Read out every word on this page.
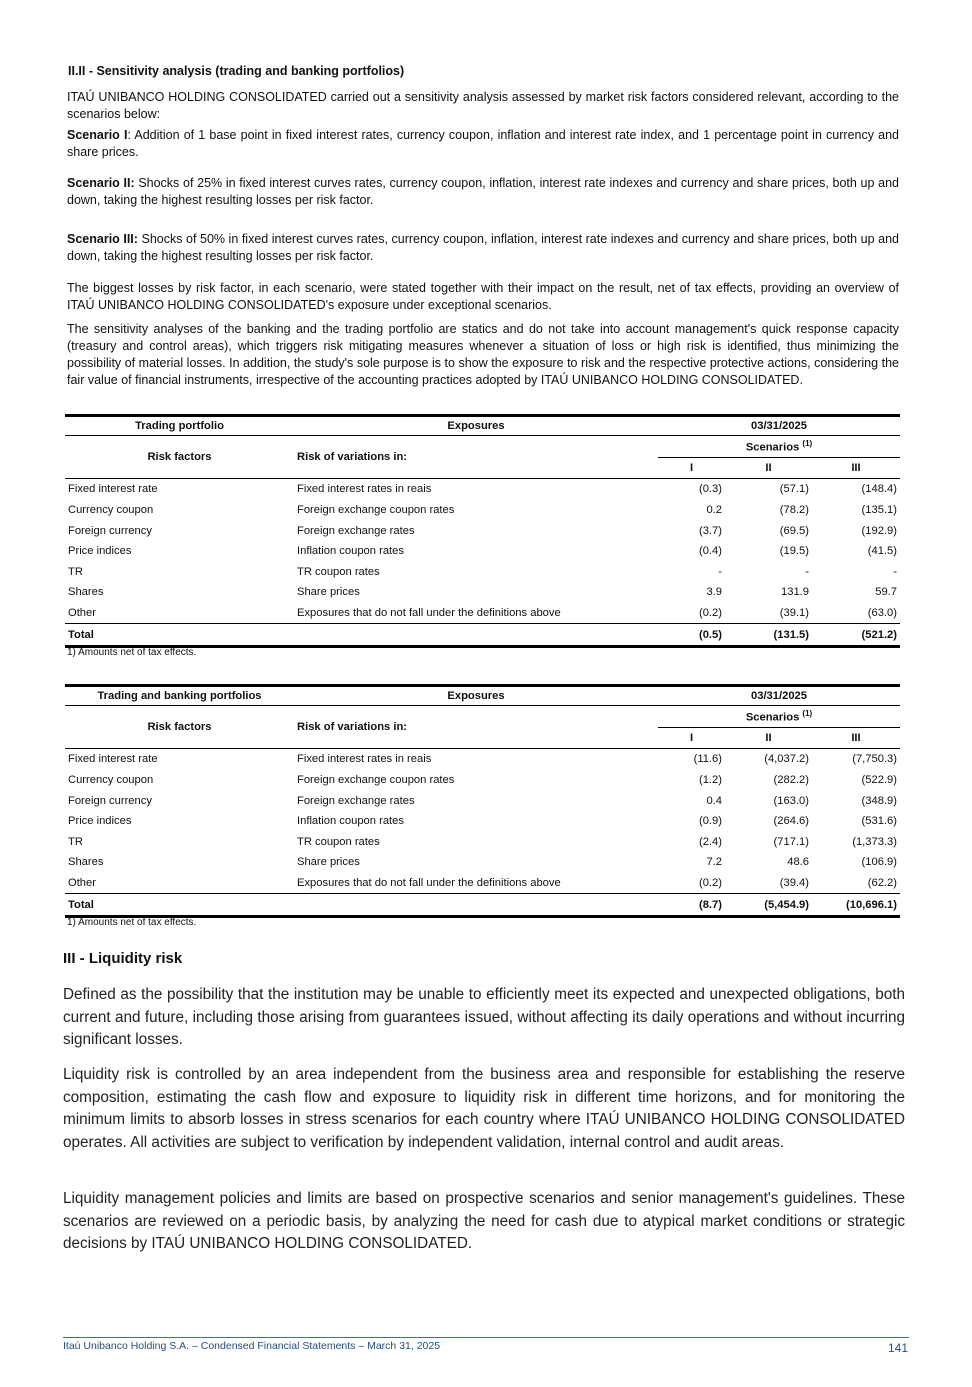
II.II - Sensitivity analysis (trading and banking portfolios)

ITAÚ UNIBANCO HOLDING CONSOLIDATED carried out a sensitivity analysis assessed by market risk factors considered relevant, according to the scenarios below:

Scenario I: Addition of 1 base point in fixed interest rates, currency coupon, inflation and interest rate index, and 1 percentage point in currency and share prices.

Scenario II: Shocks of 25% in fixed interest curves rates, currency coupon, inflation, interest rate indexes and currency and share prices, both up and down, taking the highest resulting losses per risk factor.

Scenario III: Shocks of 50% in fixed interest curves rates, currency coupon, inflation, interest rate indexes and currency and share prices, both up and down, taking the highest resulting losses per risk factor.

The biggest losses by risk factor, in each scenario, were stated together with their impact on the result, net of tax effects, providing an overview of ITAÚ UNIBANCO HOLDING CONSOLIDATED's exposure under exceptional scenarios.

The sensitivity analyses of the banking and the trading portfolio are statics and do not take into account management's quick response capacity (treasury and control areas), which triggers risk mitigating measures whenever a situation of loss or high risk is identified, thus minimizing the possibility of material losses. In addition, the study's sole purpose is to show the exposure to risk and the respective protective actions, considering the fair value of financial instruments, irrespective of the accounting practices adopted by ITAÚ UNIBANCO HOLDING CONSOLIDATED.

Trading portfolio	Exposures	03/31/2025		
Risk factors	Risk of variations in:	Scenarios $^{(1)}$
		I	II	III
Fixed interest rate	Fixed interest rates in reais	(0.3)	(57.1)	(148.4)
Currency coupon	Foreign exchange coupon rates	0.2	(78.2)	(135.1)
Foreign currency	Foreign exchange rates	(3.7)	(69.5)	(192.9)
Price indices	Inflation coupon rates	(0.4)	(19.5)	(41.5)
TR	TR coupon rates	-	-	-
Shares	Share prices	3.9	131.9	59.7
Other	Exposures that do not fall under the definitions above	(0.2)	(39.1)	(63.0)
Total		(0.5)	(131.5)	(521.2)
1) Amounts net of tax effects.
Trading and banking portfolios	Exposures	03/31/2025		
Risk factors	Risk of variations in:	Scenarios $^{(1)}$
		I	II	III
Fixed interest rate	Fixed interest rates in reais	(11.6)	(4,037.2)	(7,750.3)
Currency coupon	Foreign exchange coupon rates	(1.2)	(282.2)	(522.9)
Foreign currency	Foreign exchange rates	0.4	(163.0)	(348.9)
Price indices	Inflation coupon rates	(0.9)	(264.6)	(531.6)
TR	TR coupon rates	(2.4)	(717.1)	(1,373.3)
Shares	Share prices	7.2	48.6	(106.9)
Other	Exposures that do not fall under the definitions above	(0.2)	(39.4)	(62.2)
Total		(8.7)	(5,454.9)	(10,696.1)
1) Amounts net of tax effects.
III - Liquidity risk

Defined as the possibility that the institution may be unable to efficiently meet its expected and unexpected obligations, both current and future, including those arising from guarantees issued, without affecting its daily operations and without incurring significant losses.

Liquidity risk is controlled by an area independent from the business area and responsible for establishing the reserve composition, estimating the cash flow and exposure to liquidity risk in different time horizons, and for monitoring the minimum limits to absorb losses in stress scenarios for each country where ITAÚ UNIBANCO HOLDING CONSOLIDATED operates. All activities are subject to verification by independent validation, internal control and audit areas.

Liquidity management policies and limits are based on prospective scenarios and senior management's guidelines. These scenarios are reviewed on a periodic basis, by analyzing the need for cash due to atypical market conditions or strategic decisions by ITAÚ UNIBANCO HOLDING CONSOLIDATED.

Itaú Unibanco Holding S.A. – Condensed Financial Statements – March 31, 2025	141
